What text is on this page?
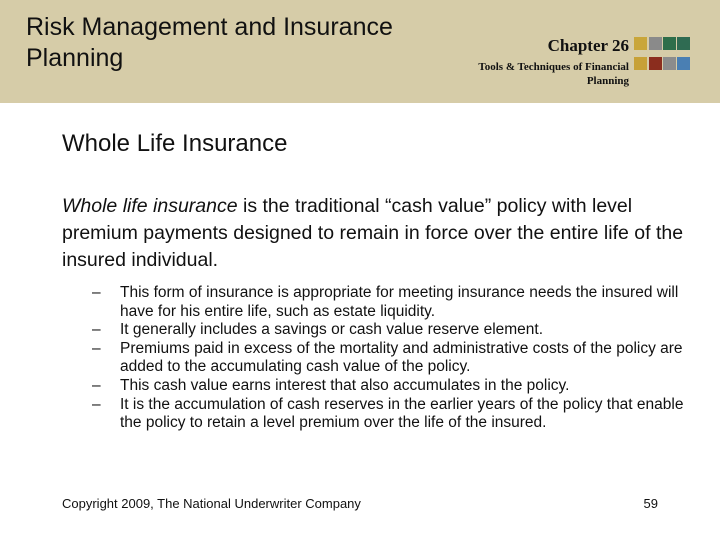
Risk Management and Insurance Planning	Chapter 26
Tools & Techniques of Financial Planning
Whole Life Insurance
Whole life insurance is the traditional “cash value” policy with level premium payments designed to remain in force over the entire life of the insured individual.
– This form of insurance is appropriate for meeting insurance needs the insured will have for his entire life, such as estate liquidity.
– It generally includes a savings or cash value reserve element.
– Premiums paid in excess of the mortality and administrative costs of the policy are added to the accumulating cash value of the policy.
– This cash value earns interest that also accumulates in the policy.
– It is the accumulation of cash reserves in the earlier years of the policy that enable the policy to retain a level premium over the life of the insured.
Copyright 2009, The National Underwriter Company	59
